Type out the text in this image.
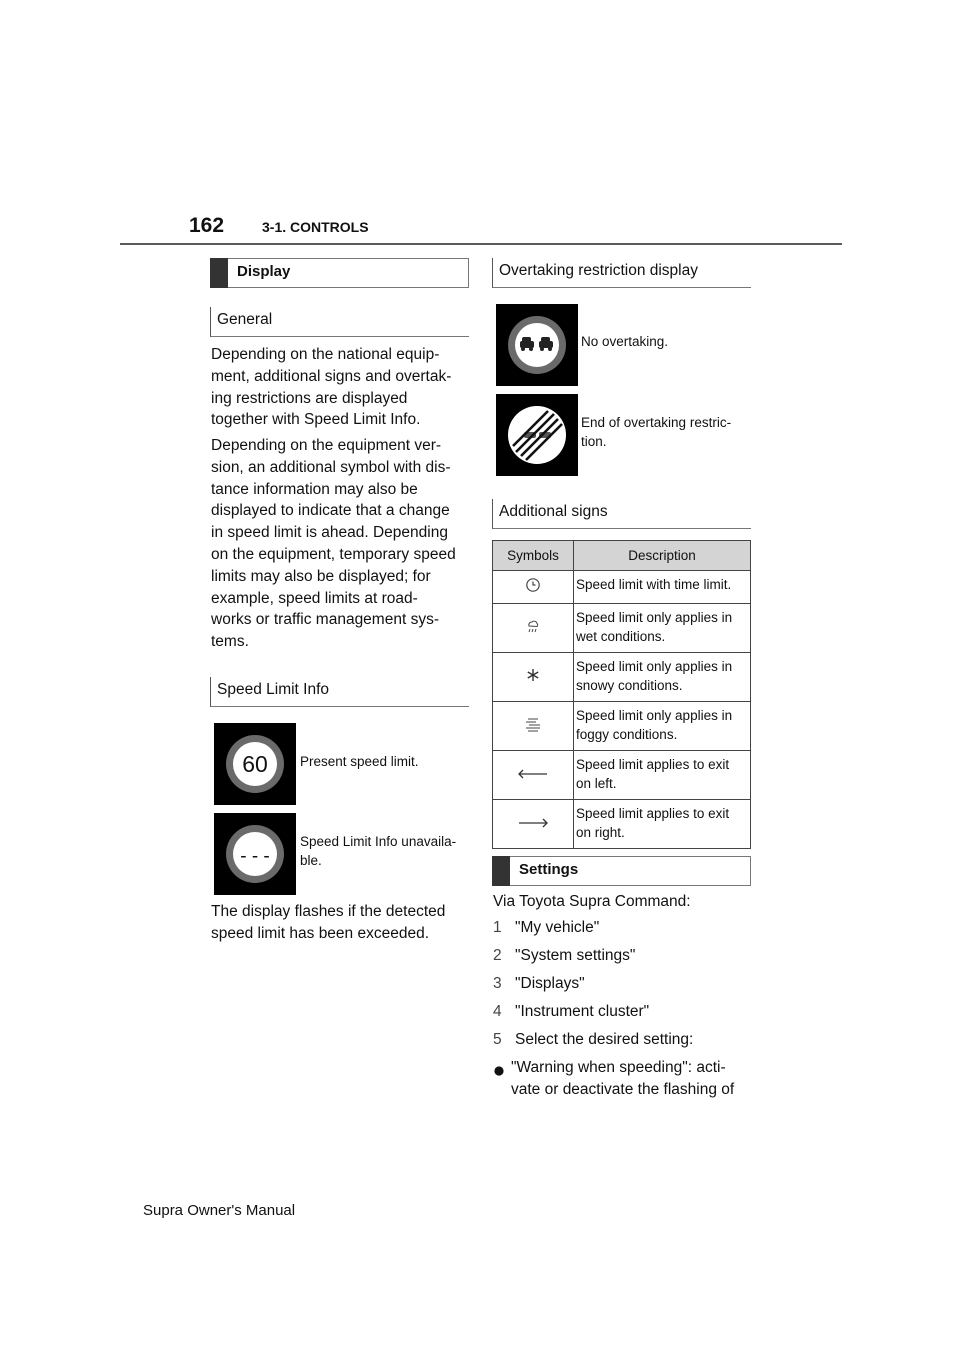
162	3-1. CONTROLS
Display
General
Depending on the national equip-
ment, additional signs and overtak-
ing restrictions are displayed
together with Speed Limit Info.
Depending on the equipment ver-
sion, an additional symbol with dis-
tance information may also be
displayed to indicate that a change
in speed limit is ahead. Depending
on the equipment, temporary speed
limits may also be displayed; for
example, speed limits at road-
works or traffic management sys-
tems.
Speed Limit Info
60 Present speed limit.
- - -
Speed Limit Info unavaila-
ble.
The display flashes if the detected
speed limit has been exceeded.
Overtaking restriction display
No overtaking.
End of overtaking restric-
tion.
Additional signs
Symbols	Description

Speed limit with time limit.

Speed limit only applies in
wet conditions.

Speed limit only applies in
snowy conditions.

Speed limit only applies in
foggy conditions.

Speed limit applies to exit
on left.

Speed limit applies to exit
on right.
Settings
Via Toyota Supra Command:
1 "My vehicle"
2 "System settings"
3 "Displays"
4 "Instrument cluster"
5 Select the desired setting:
"Warning when speeding": acti-
vate or deactivate the flashing of
Supra Owner's Manual
